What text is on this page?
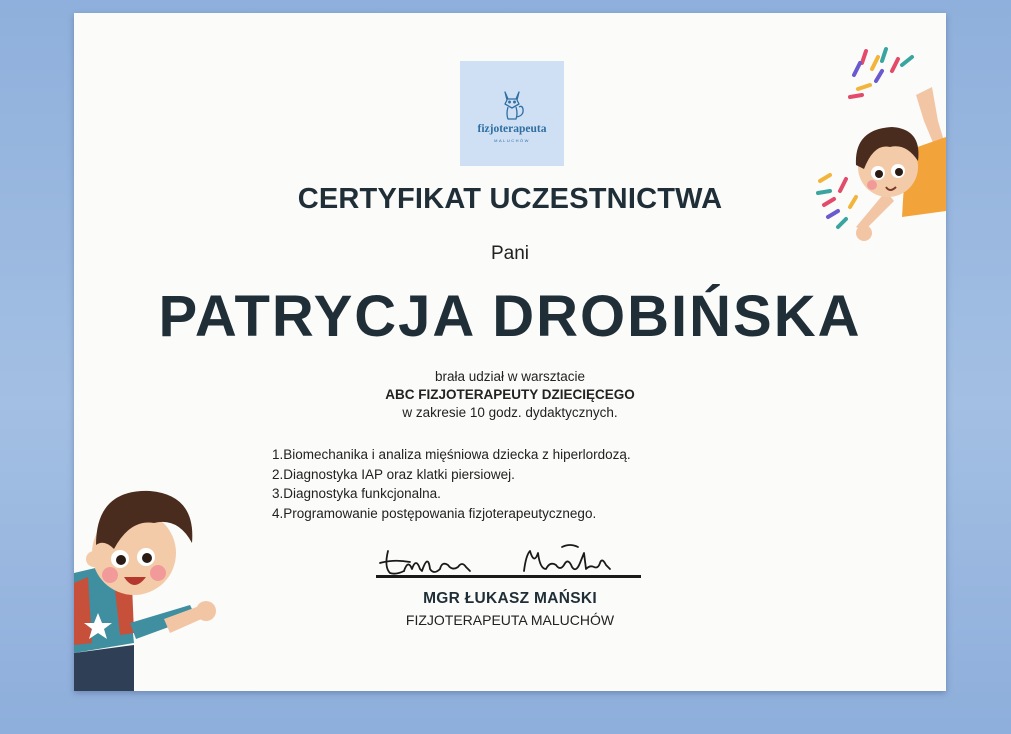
fizjoterapeuta
MALUCHÓW
CERTYFIKAT UCZESTNICTWA
Pani
PATRYCJA DROBIŃSKA
brała udział w warsztacie
ABC FIZJOTERAPEUTY DZIECIĘCEGO
w zakresie 10 godz. dydaktycznych.
1.Biomechanika i analiza mięśniowa dziecka z hiperlordozą.
2.Diagnostyka IAP oraz klatki piersiowej.
3.Diagnostyka funkcjonalna.
4.Programowanie postępowania fizjoterapeutycznego.
MGR ŁUKASZ MAŃSKI
FIZJOTERAPEUTA MALUCHÓW
